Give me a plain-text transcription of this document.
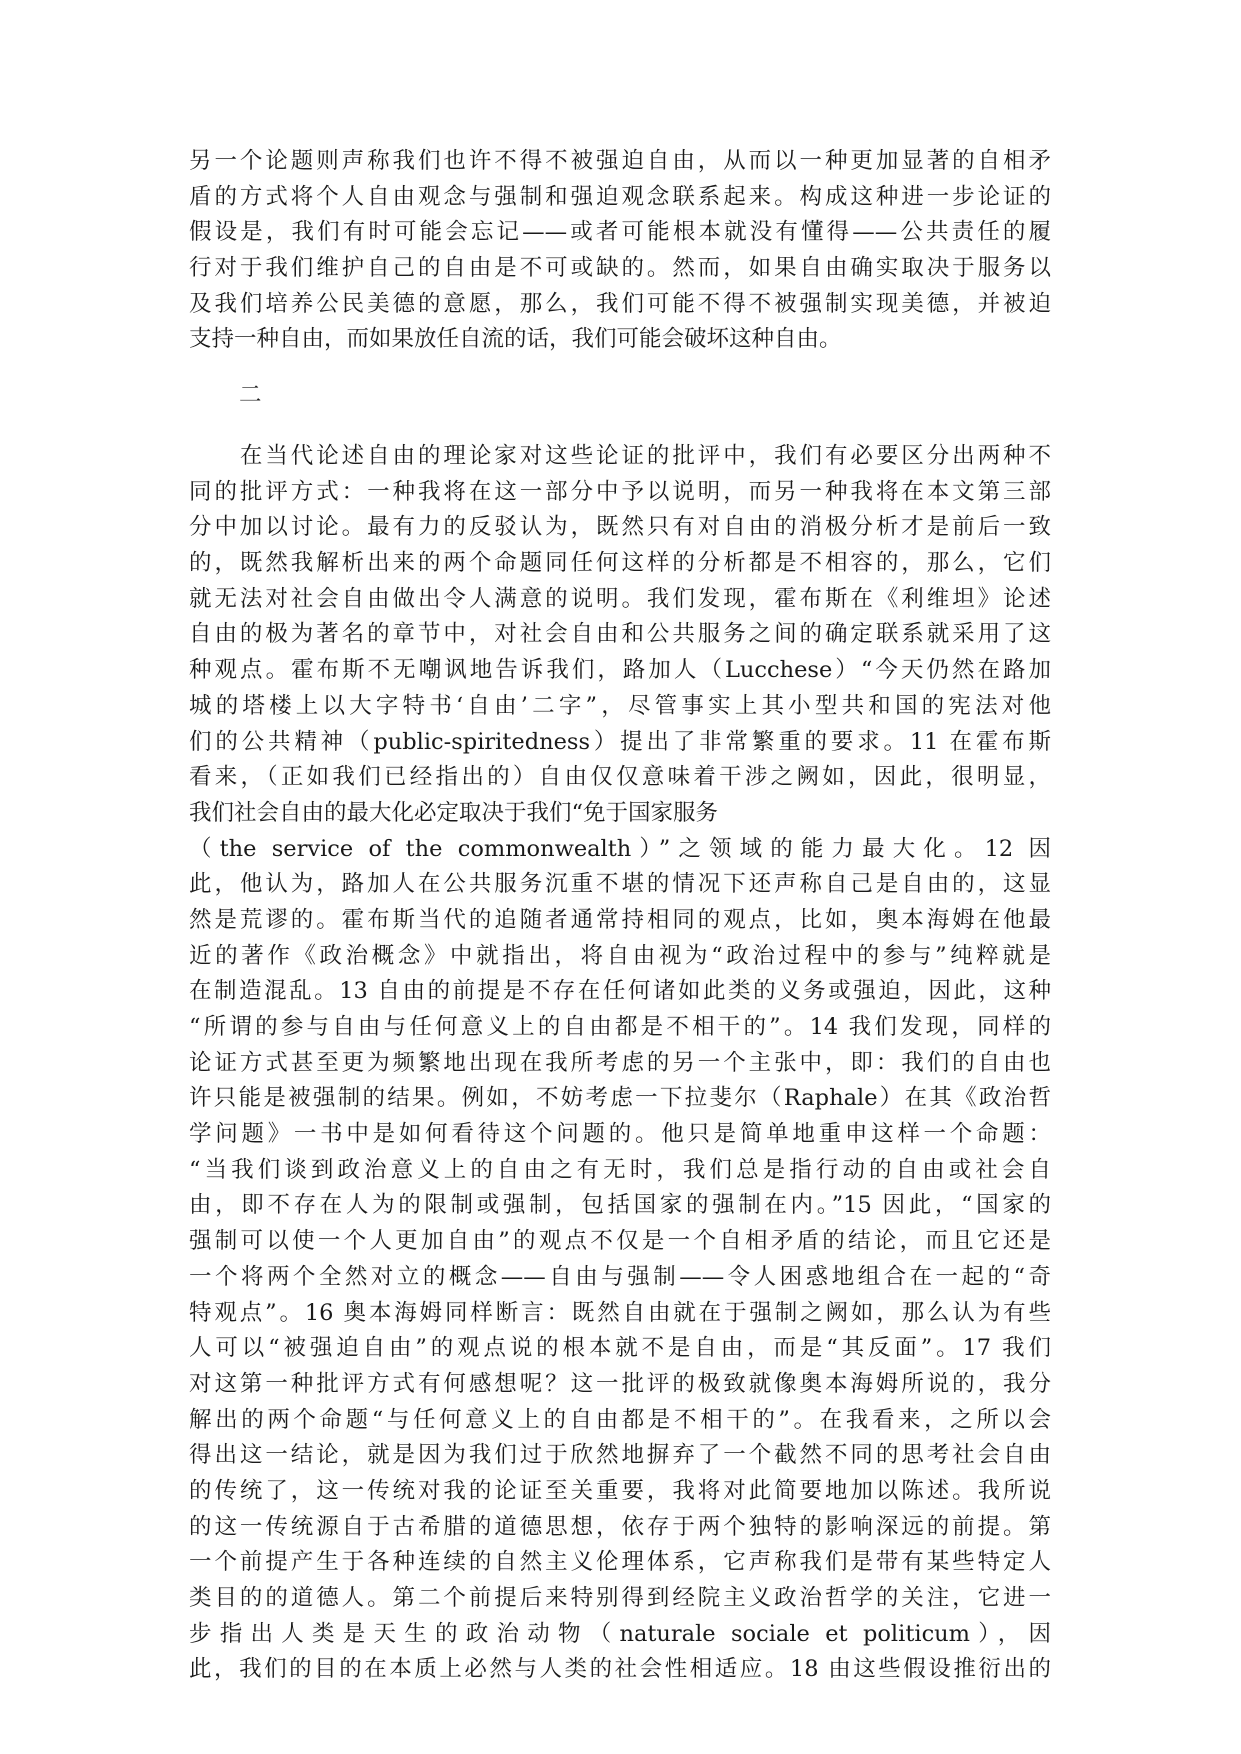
另一个论题则声称我们也许不得不被强迫自由，从而以一种更加显著的自相矛
盾的方式将个人自由观念与强制和强迫观念联系起来。构成这种进一步论证的
假设是，我们有时可能会忘记——或者可能根本就没有懂得——公共责任的履
行对于我们维护自己的自由是不可或缺的。然而，如果自由确实取决于服务以
及我们培养公民美德的意愿，那么，我们可能不得不被强制实现美德，并被迫
支持一种自由，而如果放任自流的话，我们可能会破坏这种自由。
二
　　在当代论述自由的理论家对这些论证的批评中，我们有必要区分出两种不
同的批评方式：一种我将在这一部分中予以说明，而另一种我将在本文第三部
分中加以讨论。最有力的反驳认为，既然只有对自由的消极分析才是前后一致
的，既然我解析出来的两个命题同任何这样的分析都是不相容的，那么，它们
就无法对社会自由做出令人满意的说明。我们发现，霍布斯在《利维坦》论述
自由的极为著名的章节中，对社会自由和公共服务之间的确定联系就采用了这
种观点。霍布斯不无嘲讽地告诉我们，路加人（Lucchese）“今天仍然在路加
城的塔楼上以大字特书‘自由’二字”，尽管事实上其小型共和国的宪法对他
们的公共精神（public-spiritedness）提出了非常繁重的要求。11 在霍布斯
看来，（正如我们已经指出的）自由仅仅意味着干涉之阙如，因此，很明显，
我们社会自由的最大化必定取决于我们“免于国家服务
（the service of the commonwealth）”之领域的能力最大化。12 因
此，他认为，路加人在公共服务沉重不堪的情况下还声称自己是自由的，这显
然是荒谬的。霍布斯当代的追随者通常持相同的观点，比如，奥本海姆在他最
近的著作《政治概念》中就指出，将自由视为“政治过程中的参与”纯粹就是
在制造混乱。13 自由的前提是不存在任何诸如此类的义务或强迫，因此，这种
“所谓的参与自由与任何意义上的自由都是不相干的”。14 我们发现，同样的
论证方式甚至更为频繁地出现在我所考虑的另一个主张中，即：我们的自由也
许只能是被强制的结果。例如，不妨考虑一下拉斐尔（Raphale）在其《政治哲
学问题》一书中是如何看待这个问题的。他只是简单地重申这样一个命题：
“当我们谈到政治意义上的自由之有无时，我们总是指行动的自由或社会自
由，即不存在人为的限制或强制，包括国家的强制在内。”15 因此，“国家的
强制可以使一个人更加自由”的观点不仅是一个自相矛盾的结论，而且它还是
一个将两个全然对立的概念——自由与强制——令人困惑地组合在一起的“奇
特观点”。16 奥本海姆同样断言：既然自由就在于强制之阙如，那么认为有些
人可以“被强迫自由”的观点说的根本就不是自由，而是“其反面”。17 我们
对这第一种批评方式有何感想呢？这一批评的极致就像奥本海姆所说的，我分
解出的两个命题“与任何意义上的自由都是不相干的”。在我看来，之所以会
得出这一结论，就是因为我们过于欣然地摒弃了一个截然不同的思考社会自由
的传统了，这一传统对我的论证至关重要，我将对此简要地加以陈述。我所说
的这一传统源自于古希腊的道德思想，依存于两个独特的影响深远的前提。第
一个前提产生于各种连续的自然主义伦理体系，它声称我们是带有某些特定人
类目的的道德人。第二个前提后来特别得到经院主义政治哲学的关注，它进一
步指出人类是天生的政治动物（naturale sociale et politicum），因
此，我们的目的在本质上必然与人类的社会性相适应。18 由这些假设推衍出的
